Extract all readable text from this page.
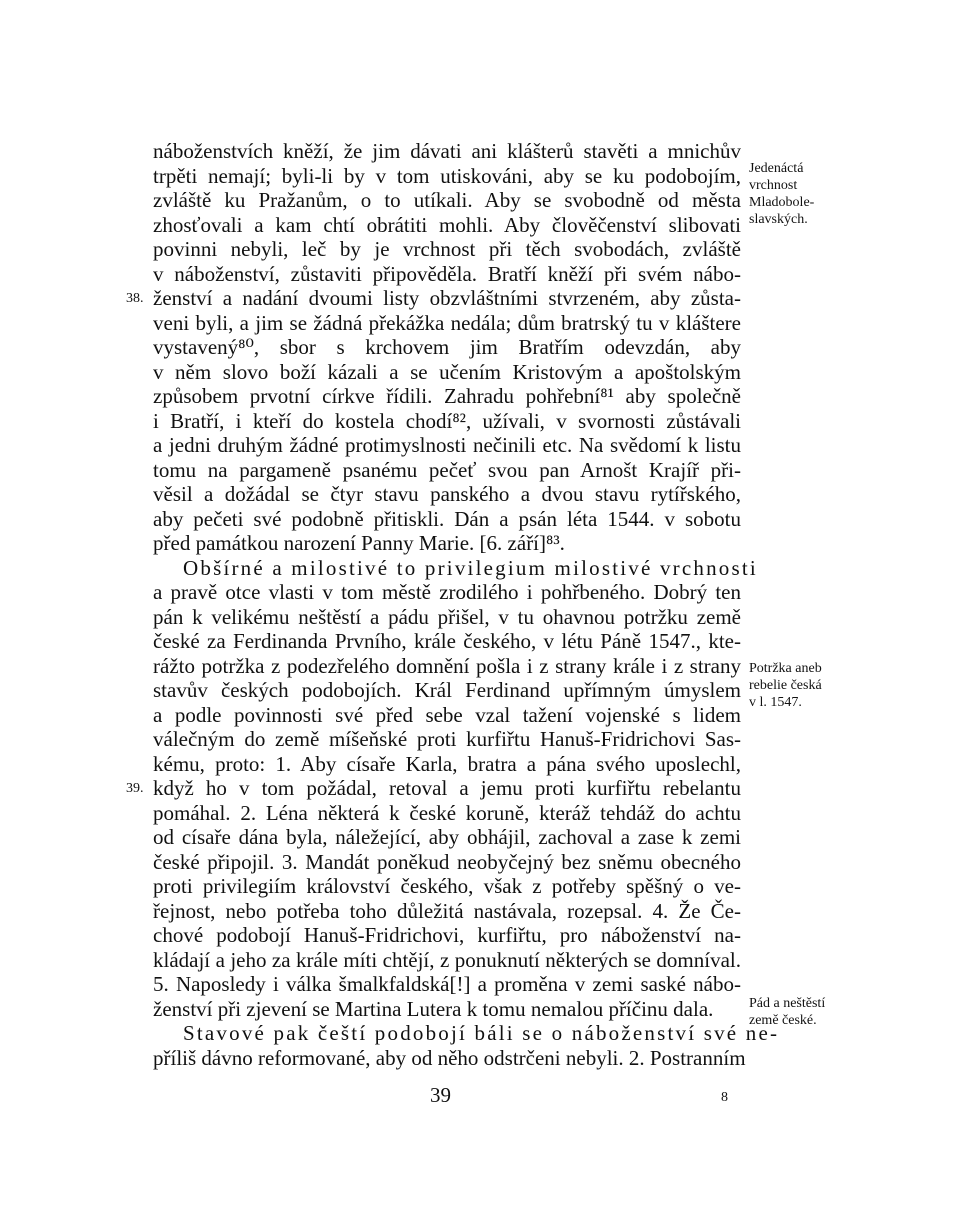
náboženstvích kněží, že jim dávati ani klášterů stavěti a mnichův
trpěti nemají; byli-li by v tom utiskováni, aby se ku podobojím,
zvláště ku Pražanům, o to utíkali. Aby se svobodně od města
zhosťovali a kam chtí obrátiti mohli. Aby člověčenství slibovati
povinni nebyli, leč by je vrchnost při těch svobodách, zvláště
v náboženství, zůstaviti připověděla. Bratří kněží při svém nábo-
ženství a nadání dvoumi listy obzvláštními stvrzeném, aby zůsta-
veni byli, a jim se žádná překážka nedála; dům bratrský tu v kláštere
vystavený⁸⁰, sbor s krchovem jim Bratřím odevzdán, aby
v něm slovo boží kázali a se učením Kristovým a apoštolským
způsobem prvotní církve řídili. Zahradu pohřební⁸¹ aby společně
i Bratří, i kteří do kostela chodí⁸², užívali, v svornosti zůstávali
a jedni druhým žádné protimyslnosti nečinili etc. Na svědomí k listu
tomu na pargameně psanému pečeť svou pan Arnošt Krajíř při-
věsil a dožádal se čtyr stavu panského a dvou stavu rytířského,
aby pečeti své podobně přitiskli. Dán a psán léta 1544. v sobotu
před památkou narození Panny Marie. [6. září]⁸³.
Obšírné a milostivé to privilegium milostivé vrchnosti
a pravě otce vlasti v tom městě zrodilého i pohřbeného. Dobrý ten
pán k velikému neštěstí a pádu přišel, v tu ohavnou potržku země
české za Ferdinanda Prvního, krále českého, v létu Páně 1547., kte-
rážto potržka z podezřelého domnění pošla i z strany krále i z strany
stavův českých podobojích. Král Ferdinand upřímným úmyslem
a podle povinnosti své před sebe vzal tažení vojenské s lidem
válečným do země míšeňské proti kurfiřtu Hanuš-Fridrichovi Sas-
kému, proto: 1. Aby císaře Karla, bratra a pána svého uposlechl,
když ho v tom požádal, retoval a jemu proti kurfiřtu rebelantu
pomáhal. 2. Léna některá k české koruně, kteráž tehdáž do achtu
od císaře dána byla, náležející, aby obhájil, zachoval a zase k zemi
české připojil. 3. Mandát poněkud neobyčejný bez sněmu obecného
proti privilegiím království českého, však z potřeby spěšný o ve-
řejnost, nebo potřeba toho důležitá nastávala, rozepsal. 4. Že Če-
chové podobojí Hanuš-Fridrichovi, kurfiřtu, pro náboženství na-
kládají a jeho za krále míti chtějí, z ponuknutí některých se domníval.
5. Naposledy i válka šmalkfaldská[!] a proměna v zemi saské nábo-
ženství při zjevení se Martina Lutera k tomu nemalou příčinu dala.
Stavové pak čeští podobojí báli se o náboženství své ne-
příliš dávno reformované, aby od něho odstrčeni nebyli. 2. Postranním
38.
39.
Jedenáctá
vrchnost
Mladobole-
slavských.
Potržka aneb
rebelie česká
v l. 1547.
Pád a neštěstí
země české.
39	8
